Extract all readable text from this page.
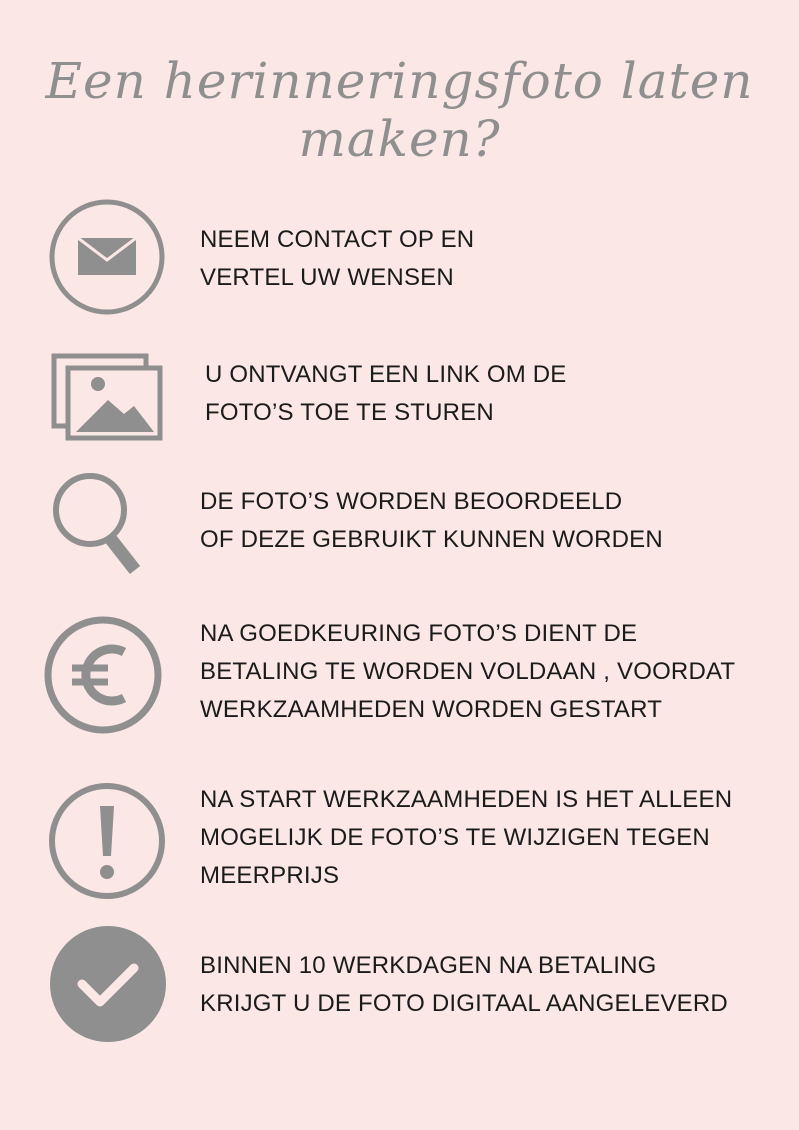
Een herinneringsfoto laten maken?
NEEM CONTACT OP EN
VERTEL UW WENSEN
U ONTVANGT EEN LINK OM DE
FOTO’S TOE TE STUREN
DE FOTO’S WORDEN BEOORDEELD
OF DEZE GEBRUIKT KUNNEN WORDEN
NA GOEDKEURING FOTO’S DIENT DE
BETALING TE WORDEN VOLDAAN , VOORDAT
WERKZAAMHEDEN WORDEN GESTART
NA START WERKZAAMHEDEN IS HET ALLEEN
MOGELIJK DE FOTO’S TE WIJZIGEN TEGEN
MEERPRIJS
BINNEN 10 WERKDAGEN NA BETALING
KRIJGT U DE FOTO DIGITAAL AANGELEVERD
